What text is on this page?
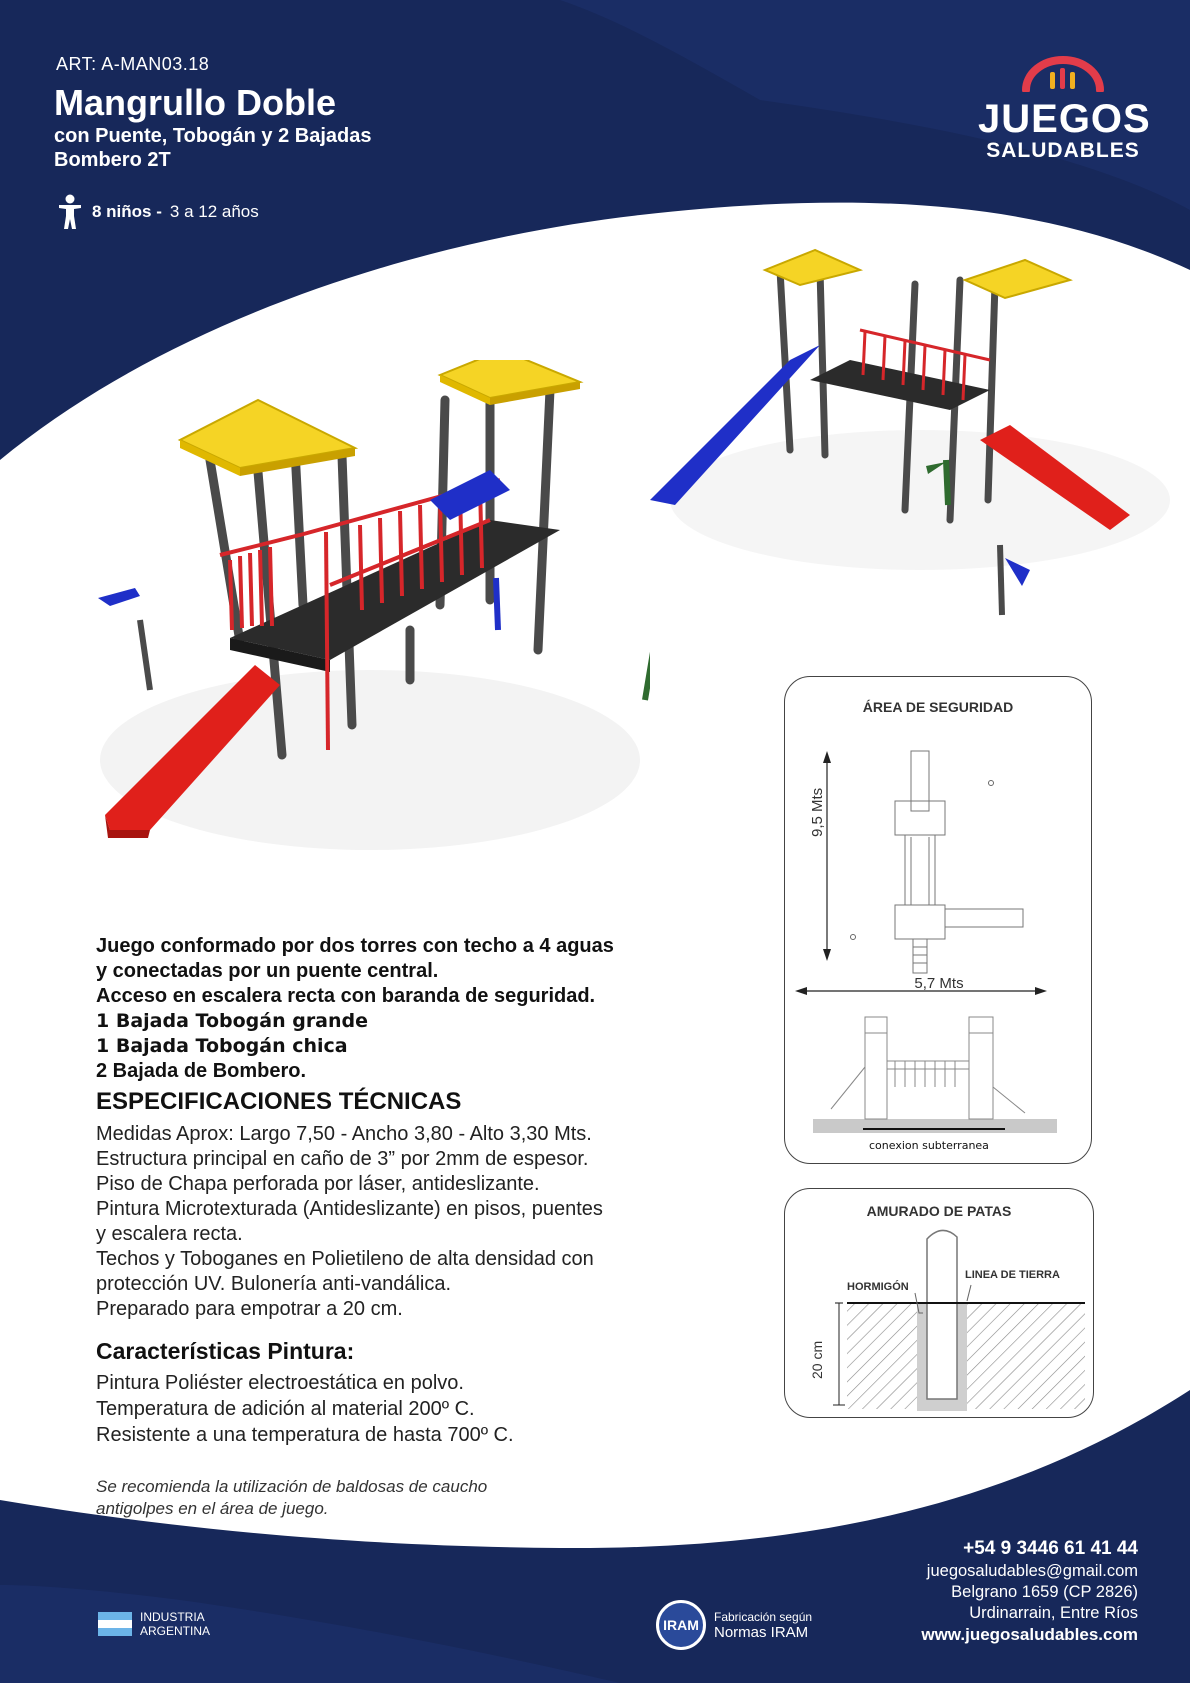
ART: A-MAN03.18
Mangrullo Doble
con Puente, Tobogán y 2 Bajadas
Bombero 2T
8 niños - 3 a 12 años
JUEGOS
SALUDABLES
Juego conformado por dos torres con techo a 4 aguas
y conectadas por un puente central.
Acceso en escalera recta con baranda de seguridad.
1 Bajada Tobogán grande
1 Bajada Tobogán chica
2 Bajada de Bombero.
ESPECIFICACIONES TÉCNICAS
Medidas Aprox: Largo 7,50 - Ancho 3,80 - Alto 3,30 Mts.
Estructura principal en caño de 3” por 2mm de espesor.
Piso de Chapa perforada por láser, antideslizante.
Pintura Microtexturada (Antideslizante) en pisos, puentes
y escalera recta.
Techos y Toboganes en Polietileno de alta densidad con
protección UV. Bulonería anti-vandálica.
Preparado para empotrar a 20 cm.
Características Pintura:
Pintura Poliéster electroestática en polvo.
Temperatura de adición al material 200º C.
Resistente a una temperatura de hasta 700º C.
Se recomienda la utilización de baldosas de caucho
antigolpes en el área de juego.
ÁREA DE SEGURIDAD
9,5 Mts
5,7 Mts
conexion subterranea
AMURADO DE PATAS
HORMIGÓN
LINEA DE TIERRA
20 cm
+54 9 3446 61 41 44
juegosaludables@gmail.com
Belgrano 1659 (CP 2826)
Urdinarrain, Entre Ríos
www.juegosaludables.com
INDUSTRIA
ARGENTINA	IRAM
Fabricación según
Normas IRAM
